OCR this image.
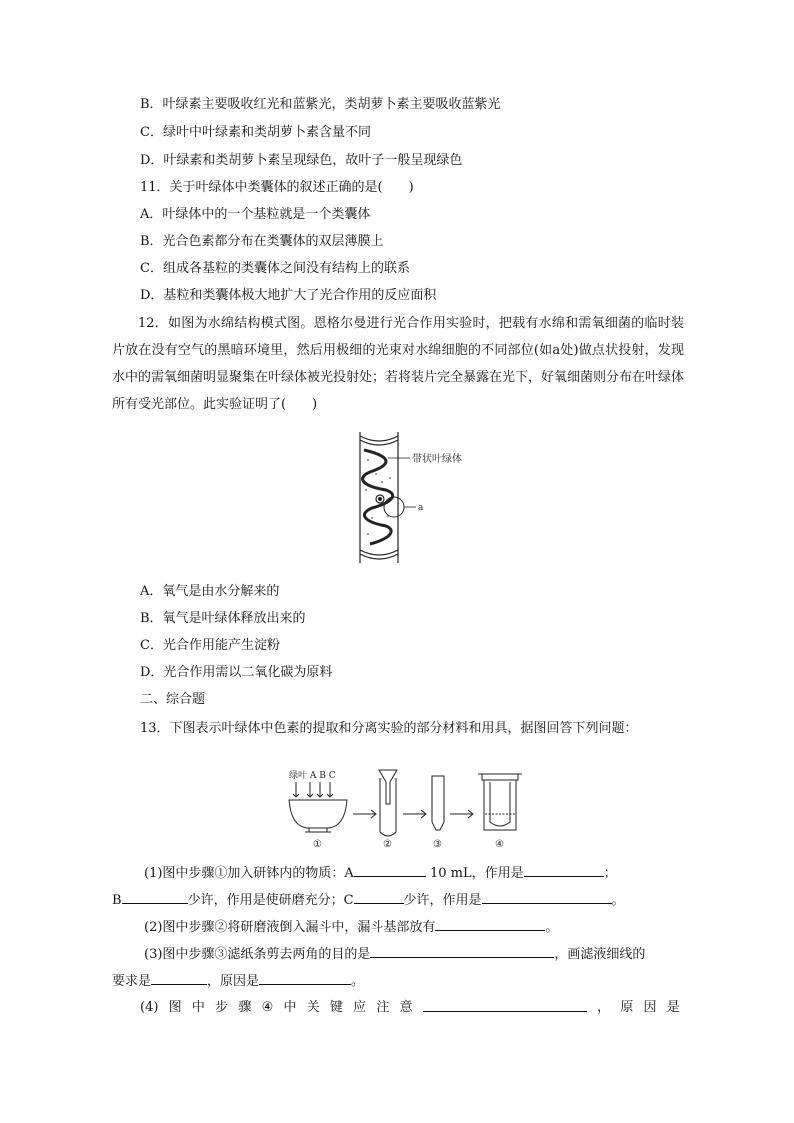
B．叶绿素主要吸收红光和蓝紫光，类胡萝卜素主要吸收蓝紫光
C．绿叶中叶绿素和类胡萝卜素含量不同
D．叶绿素和类胡萝卜素呈现绿色，故叶子一般呈现绿色
11．关于叶绿体中类囊体的叙述正确的是(　　)
A．叶绿体中的一个基粒就是一个类囊体
B．光合色素都分布在类囊体的双层薄膜上
C．组成各基粒的类囊体之间没有结构上的联系
D．基粒和类囊体极大地扩大了光合作用的反应面积
12．如图为水绵结构模式图。恩格尔曼进行光合作用实验时，把载有水绵和需氧细菌的临时装片放在没有空气的黑暗环境里，然后用极细的光束对水绵细胞的不同部位(如a处)做点状投射，发现水中的需氧细菌明显聚集在叶绿体被光投射处；若将装片完全暴露在光下，好氧细菌则分布在叶绿体所有受光部位。此实验证明了(　　)
带状叶绿体
a
A．氧气是由水分解来的
B．氧气是叶绿体释放出来的
C．光合作用能产生淀粉
D．光合作用需以二氧化碳为原料
二、综合题
13．下图表示叶绿体中色素的提取和分离实验的部分材料和用具，据图回答下列问题：
绿叶 A B C
①	②	③	④
(1)图中步骤①加入研钵内的物质：A	10 mL，作用是	；
B	少许，作用是使研磨充分；C	少许，作用是	。
(2)图中步骤②将研磨液倒入漏斗中，漏斗基部放有	。
(3)图中步骤③滤纸条剪去两角的目的是	，画滤液细线的
要求是	，原因是	。
(4) 图 中 步 骤 ④ 中 关 键 应 注 意	， 原 因 是
